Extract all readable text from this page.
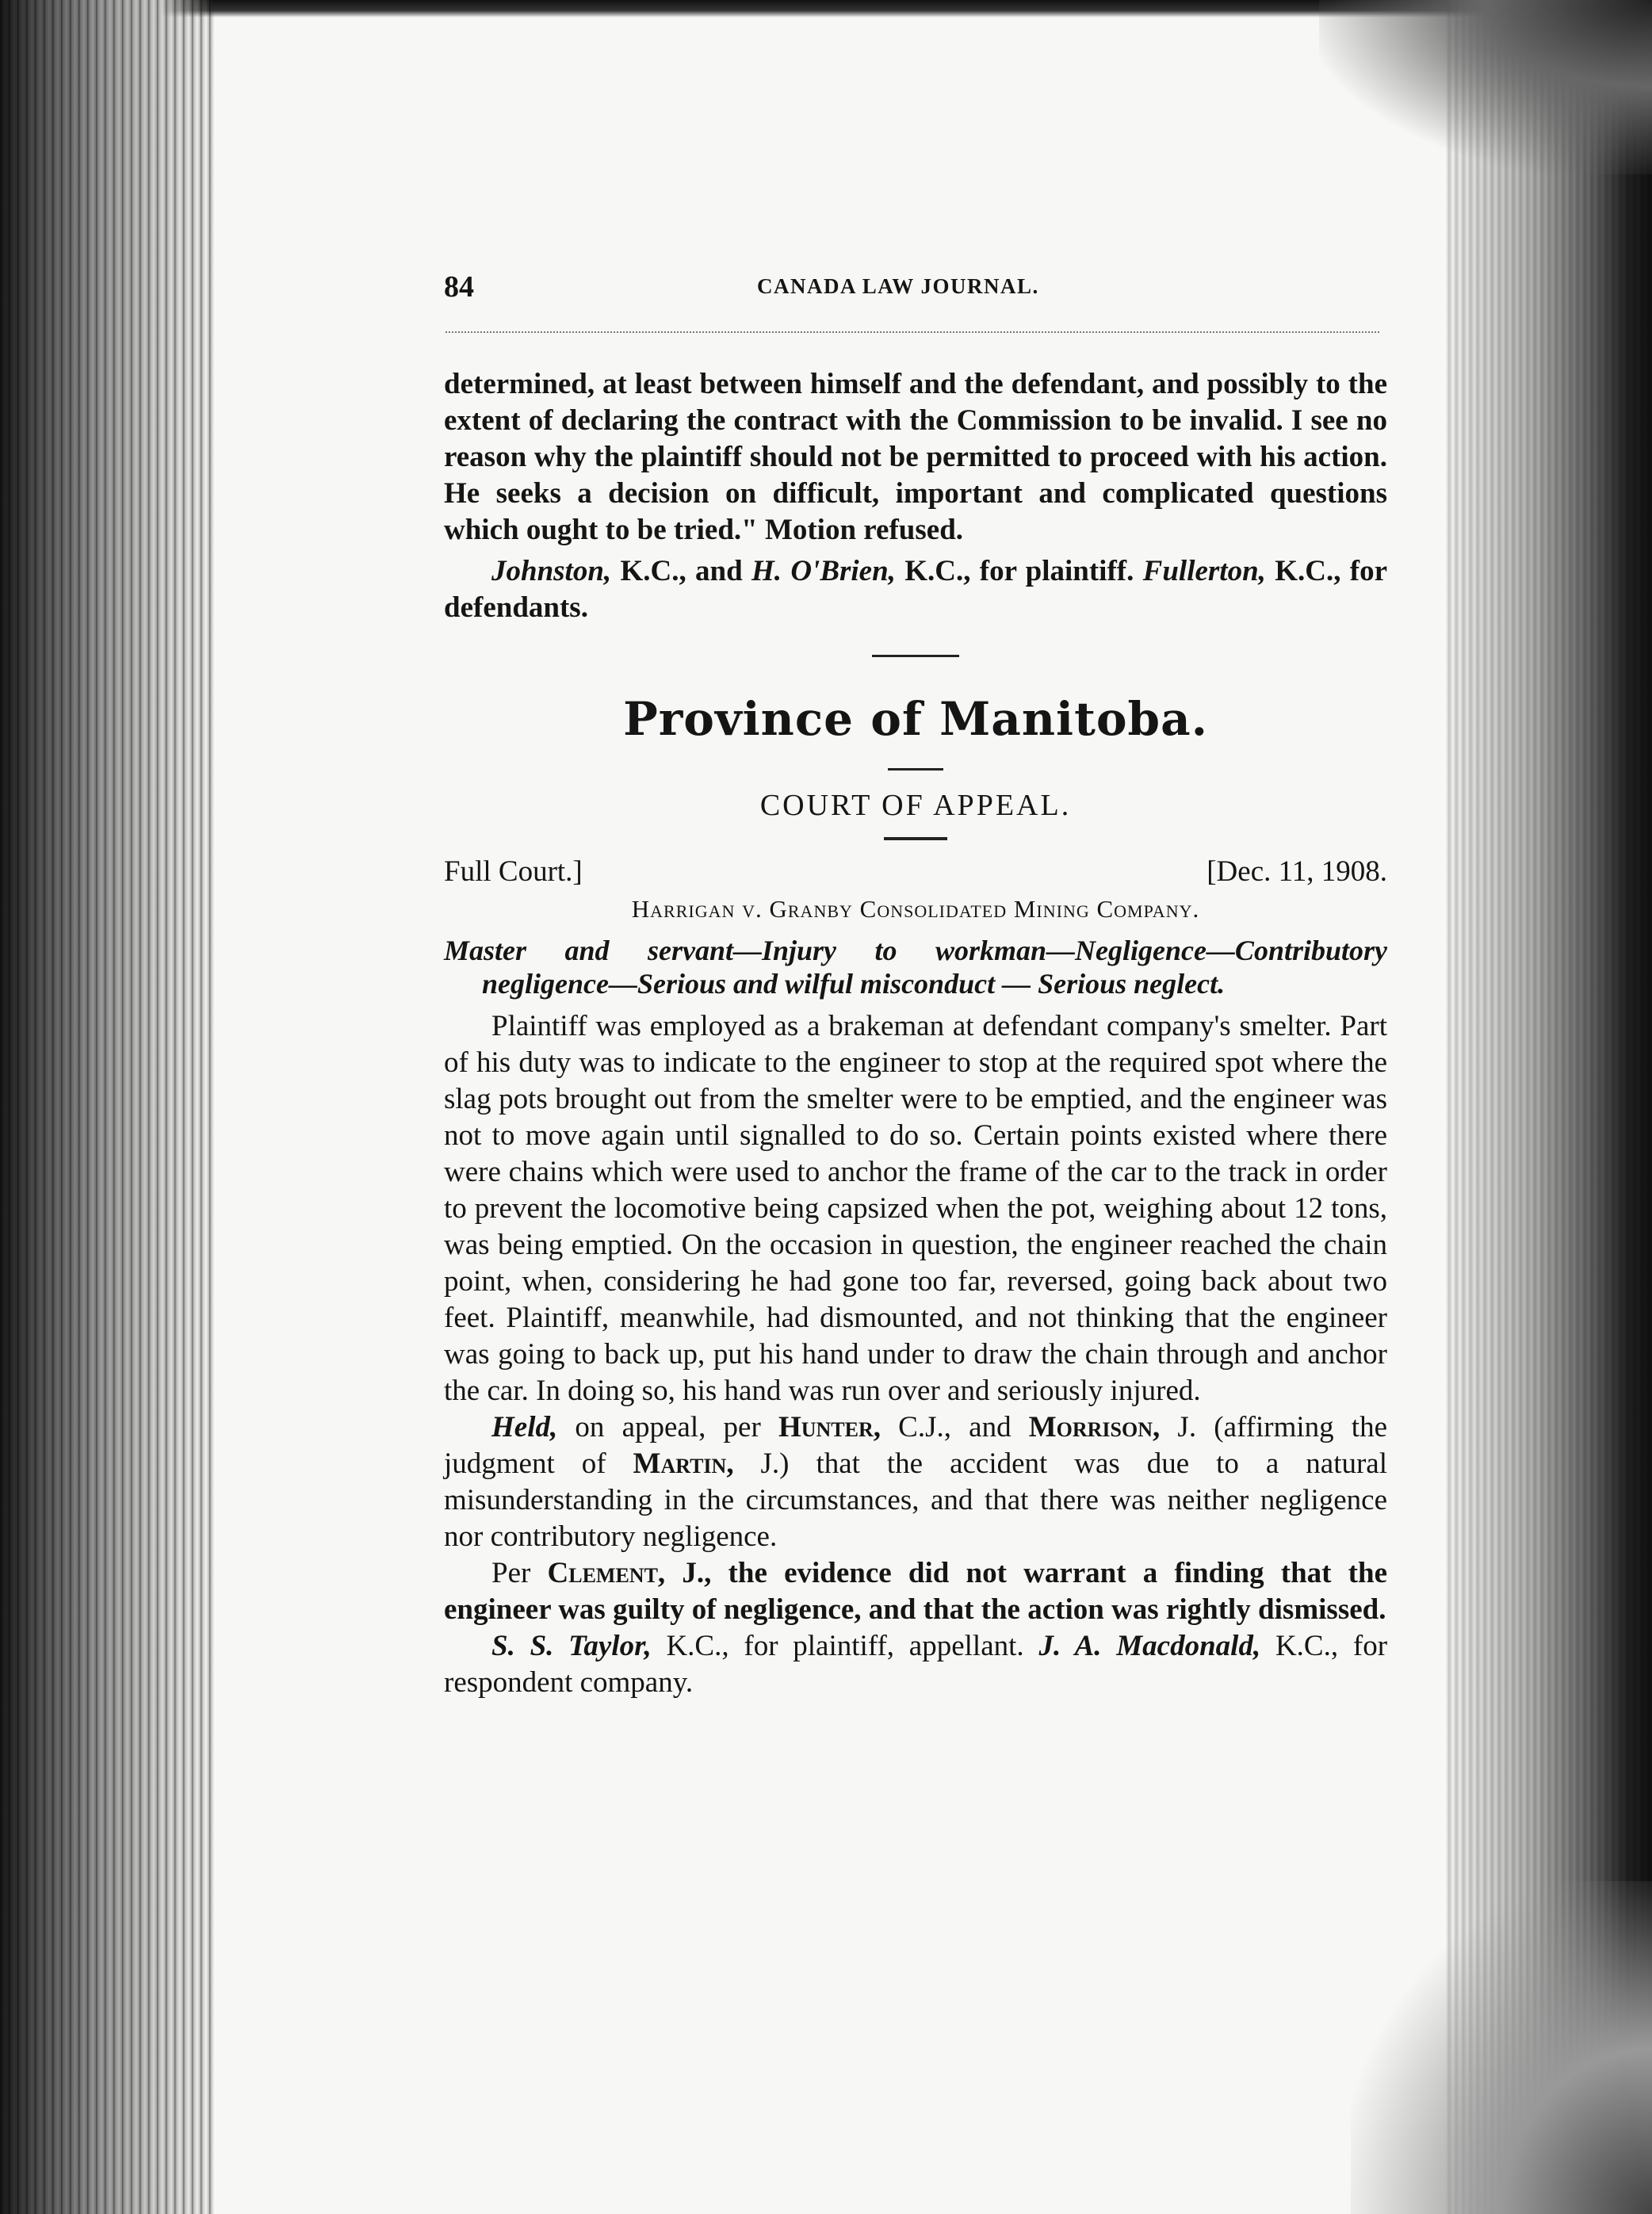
84	CANADA LAW JOURNAL.

determined, at least between himself and the defendant, and possibly to the extent of declaring the contract with the Commission to be invalid. I see no reason why the plaintiff should not be permitted to proceed with his action. He seeks a decision on difficult, important and complicated questions which ought to be tried." Motion refused.

Johnston, K.C., and H. O'Brien, K.C., for plaintiff. Fullerton, K.C., for defendants.

Province of Manitoba.
COURT OF APPEAL.
Full Court.]	[Dec. 11, 1908.
Harrigan v. Granby Consolidated Mining Company.

Master and servant—Injury to workman—Negligence—Contributory negligence—Serious and wilful misconduct — Serious neglect.

Plaintiff was employed as a brakeman at defendant company's smelter. Part of his duty was to indicate to the engineer to stop at the required spot where the slag pots brought out from the smelter were to be emptied, and the engineer was not to move again until signalled to do so. Certain points existed where there were chains which were used to anchor the frame of the car to the track in order to prevent the locomotive being capsized when the pot, weighing about 12 tons, was being emptied. On the occasion in question, the engineer reached the chain point, when, considering he had gone too far, reversed, going back about two feet. Plaintiff, meanwhile, had dismounted, and not thinking that the engineer was going to back up, put his hand under to draw the chain through and anchor the car. In doing so, his hand was run over and seriously injured.

Held, on appeal, per Hunter, C.J., and Morrison, J. (affirming the judgment of Martin, J.) that the accident was due to a natural misunderstanding in the circumstances, and that there was neither negligence nor contributory negligence.

Per Clement, J., the evidence did not warrant a finding that the engineer was guilty of negligence, and that the action was rightly dismissed.

S. S. Taylor, K.C., for plaintiff, appellant. J. A. Macdonald, K.C., for respondent company.
